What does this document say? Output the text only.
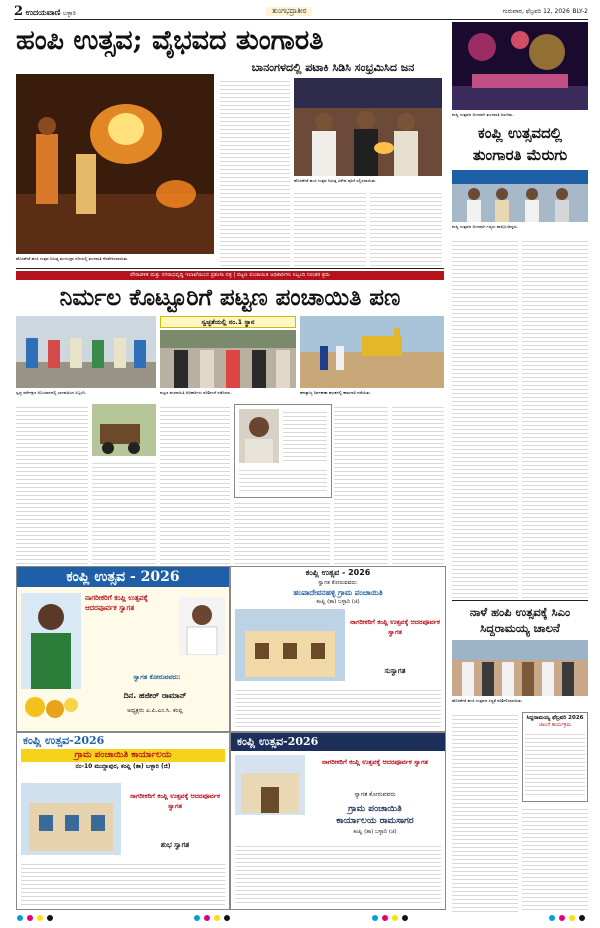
2 ಉದಯವಾಣಿ ಬಳ್ಳಾರಿ	ತುಂಗಭದ್ರಾತೀರ	ಗುರುವಾರ, ಫೆಬ್ರವರಿ 12, 2026 BLY-2
ಹಂಪಿ ಉತ್ಸವ; ವೈಭವದ ತುಂಗಾರತಿ
ಕಂಪ್ಲಿ ಉತ್ಸವದ ಅಂಗವಾಗಿ ತುಂಗಾರತಿ ಜರುಗಿತು.
ಕಂಪ್ಲಿ ಉತ್ಸವದಲ್ಲಿ
ತುಂಗಾರತಿ ಮೆರುಗು
ಕಂಪ್ಲಿ ಉತ್ಸವದ ಅಂಗವಾಗಿ ಗಣ್ಯರು ಪಾಲ್ಗೊಂಡಿದ್ದರು.
ಹೊಸಪೇಟೆ ಹಂಪಿ ಉತ್ಸವ ನಿಮಿತ್ತ ತುಂಗಭದ್ರಾ ನದಿಯಲ್ಲಿ ತುಂಗಾರತಿ ನೆರವೇರಿಸಲಾಯಿತು.
ಬಾನಂಗಳದಲ್ಲಿ ಪಟಾಕಿ ಸಿಡಿಸಿ ಸಂಭ್ರಮಿಸಿದ ಜನ
ಹೊಸಪೇಟೆ ಹಂಪಿ ಉತ್ಸವ ನಿಮಿತ್ತ ವಿಶೇಷ ಪೂಜೆ ಸಲ್ಲಿಸಲಾಯಿತು.
ಪೌರಾಡಳಿತ ಮತ್ತು ನಗರಾಭಿವೃದ್ಧಿ ಇಲಾಖೆಯಿಂದ ಪ್ರಶಂಸಾ ಪತ್ರ | ಪಟ್ಟಣ ಪಂಚಾಯಿತಿ ಅಧಿಕಾರಿಗಳು ಸಿಬ್ಬಂದಿ ನಿರಂತರ ಶ್ರಮ
ನಿರ್ಮಲ ಕೊಟ್ಟೂರಿಗೆ ಪಟ್ಟಣ ಪಂಚಾಯಿತಿ ಪಣ
ಸ್ವಚ್ಛ ಸರ್ವೇಕ್ಷಣ ಅಭಿಯಾನದಲ್ಲಿ ಭಾಗವಹಿಸಿದ ಸಿಬ್ಬಂದಿ.
ಸ್ವಚ್ಛತೆಯಲ್ಲಿ ನಂ.1 ಸ್ಥಾನ
ಪಟ್ಟಣ ಪಂಚಾಯಿತಿ ಅಧಿಕಾರಿಗಳು ಪರಿಶೀಲನೆ ನಡೆಸಿದರು.	ಘನತ್ಯಾಜ್ಯ ನಿರ್ವಹಣಾ ಘಟಕದಲ್ಲಿ ಕಾಮಗಾರಿ ನಡೆಯಿತು.
ನಾಳೆ ಹಂಪಿ ಉತ್ಸವಕ್ಕೆ ಸಿಎಂ
ಸಿದ್ದರಾಮಯ್ಯ ಚಾಲನೆ
ಹೊಸಪೇಟೆ ಹಂಪಿ ಉತ್ಸವದ ಸಿದ್ಧತೆ ಪರಿಶೀಲಿಸಲಾಯಿತು.
ಸಿದ್ದರಾಮಯ್ಯ ಫೆಬ್ರವರಿ 2026
ಚಾಲನೆ ಕಾರ್ಯಕ್ರಮ
ಕಂಪ್ಲಿ ಉತ್ಸವ - 2026
ನಾಗರೀಕರಿಗೆ ಕಂಪ್ಲಿ ಉತ್ಸವಕ್ಕೆ ಆದರಪೂರ್ವಕ ಸ್ವಾಗತ
ಸ್ವಾಗತ ಕೋರುವವರು:
ದಿನ. ಹಜೀರ್ ರಾಮಾನ್
ಅಧ್ಯಕ್ಷರು ಎ.ಪಿ.ಎಂ.ಸಿ. ಕಂಪ್ಲಿ
ಕಂಪ್ಲಿ ಉತ್ಸವ - 2026
ಸ್ವಾಗತ ಕೋರುವವರು:
ಹಂಪಾದೇವನಹಳ್ಳಿ ಗ್ರಾಮ ಪಂಚಾಯಿತಿ
ಕಂಪ್ಲಿ (ತಾ) ಬಳ್ಳಾರಿ (ಜಿ)
ನಾಗರೀಕರಿಗೆ ಕಂಪ್ಲಿ ಉತ್ಸವಕ್ಕೆ ಆದರಪೂರ್ವಕ ಸ್ವಾಗತ
ಸುಸ್ವಾಗತ
ಕಂಪ್ಲಿ ಉತ್ಸವ-2026
ಗ್ರಾಮ ಪಂಚಾಯಿತಿ ಕಾರ್ಯಾಲಯ
ನಂ-10 ಮುದ್ದಾಪುರ, ಕಂಪ್ಲಿ (ತಾ) ಬಳ್ಳಾರಿ (ಜಿ)
ನಾಗರೀಕರಿಗೆ ಕಂಪ್ಲಿ ಉತ್ಸವಕ್ಕೆ ಆದರಪೂರ್ವಕ ಸ್ವಾಗತ
ಶುಭ ಸ್ವಾಗತ
ಕಂಪ್ಲಿ ಉತ್ಸವ-2026
ನಾಗರೀಕರಿಗೆ ಕಂಪ್ಲಿ ಉತ್ಸವಕ್ಕೆ ಆದರಪೂರ್ವಕ ಸ್ವಾಗತ
ಸ್ವಾಗತ ಕೋರುವವರು
ಗ್ರಾಮ ಪಂಚಾಯಿತಿ
ಕಾರ್ಯಾಲಯ ರಾಮಸಾಗರ
ಕಂಪ್ಲಿ (ತಾ) ಬಳ್ಳಾರಿ (ಜಿ)
